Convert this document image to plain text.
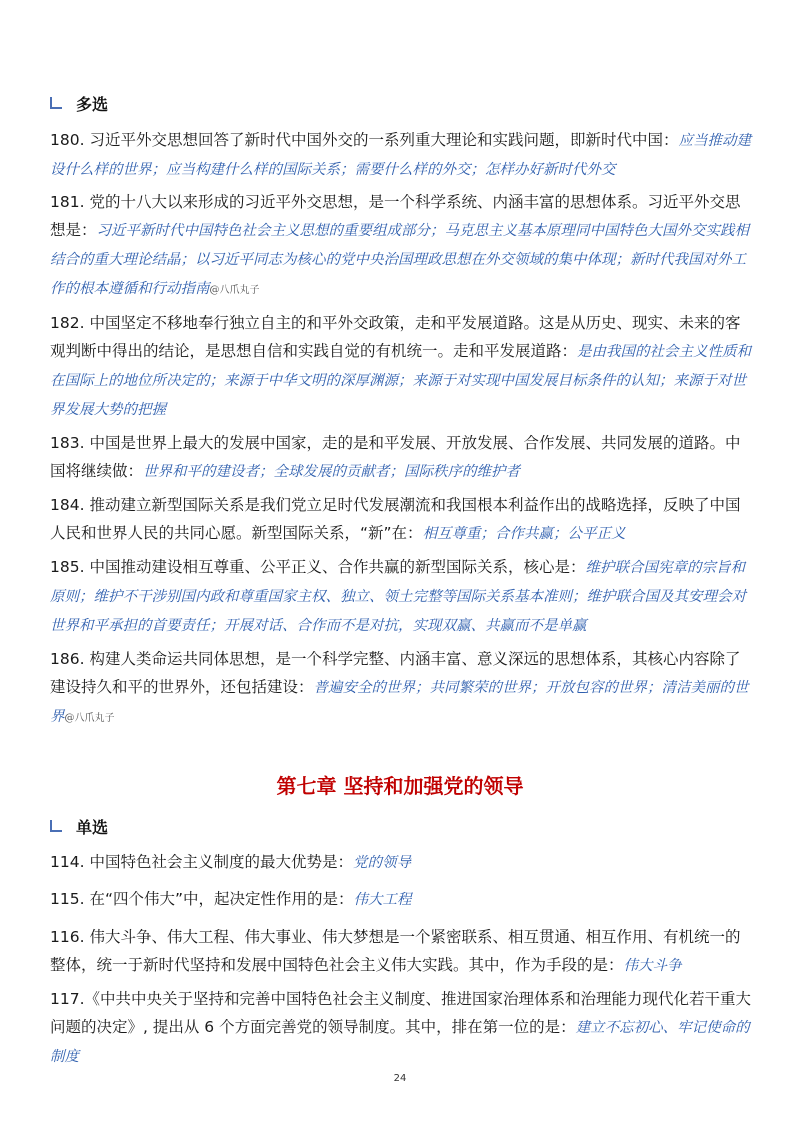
多选

180. 习近平外交思想回答了新时代中国外交的一系列重大理论和实践问题，即新时代中国：应当推动建设什么样的世界；应当构建什么样的国际关系；需要什么样的外交；怎样办好新时代外交

181. 党的十八大以来形成的习近平外交思想，是一个科学系统、内涵丰富的思想体系。习近平外交思想是：习近平新时代中国特色社会主义思想的重要组成部分；马克思主义基本原理同中国特色大国外交实践相结合的重大理论结晶；以习近平同志为核心的党中央治国理政思想在外交领域的集中体现；新时代我国对外工作的根本遵循和行动指南@八爪丸子

182. 中国坚定不移地奉行独立自主的和平外交政策，走和平发展道路。这是从历史、现实、未来的客观判断中得出的结论，是思想自信和实践自觉的有机统一。走和平发展道路：是由我国的社会主义性质和在国际上的地位所决定的；来源于中华文明的深厚渊源；来源于对实现中国发展目标条件的认知；来源于对世界发展大势的把握

183. 中国是世界上最大的发展中国家，走的是和平发展、开放发展、合作发展、共同发展的道路。中国将继续做：世界和平的建设者；全球发展的贡献者；国际秩序的维护者

184. 推动建立新型国际关系是我们党立足时代发展潮流和我国根本利益作出的战略选择，反映了中国人民和世界人民的共同心愿。新型国际关系，“新”在：相互尊重；合作共赢；公平正义

185. 中国推动建设相互尊重、公平正义、合作共赢的新型国际关系，核心是：维护联合国宪章的宗旨和原则；维护不干涉别国内政和尊重国家主权、独立、领土完整等国际关系基本准则；维护联合国及其安理会对世界和平承担的首要责任；开展对话、合作而不是对抗，实现双赢、共赢而不是单赢

186. 构建人类命运共同体思想，是一个科学完整、内涵丰富、意义深远的思想体系，其核心内容除了建设持久和平的世界外，还包括建设：普遍安全的世界；共同繁荣的世界；开放包容的世界；清洁美丽的世界@八爪丸子

第七章 坚持和加强党的领导
单选

114. 中国特色社会主义制度的最大优势是：党的领导

115. 在“四个伟大”中，起决定性作用的是：伟大工程

116. 伟大斗争、伟大工程、伟大事业、伟大梦想是一个紧密联系、相互贯通、相互作用、有机统一的整体，统一于新时代坚持和发展中国特色社会主义伟大实践。其中，作为手段的是：伟大斗争

117.《中共中央关于坚持和完善中国特色社会主义制度、推进国家治理体系和治理能力现代化若干重大问题的决定》, 提出从 6 个方面完善党的领导制度。其中，排在第一位的是：建立不忘初心、牢记使命的制度

24
